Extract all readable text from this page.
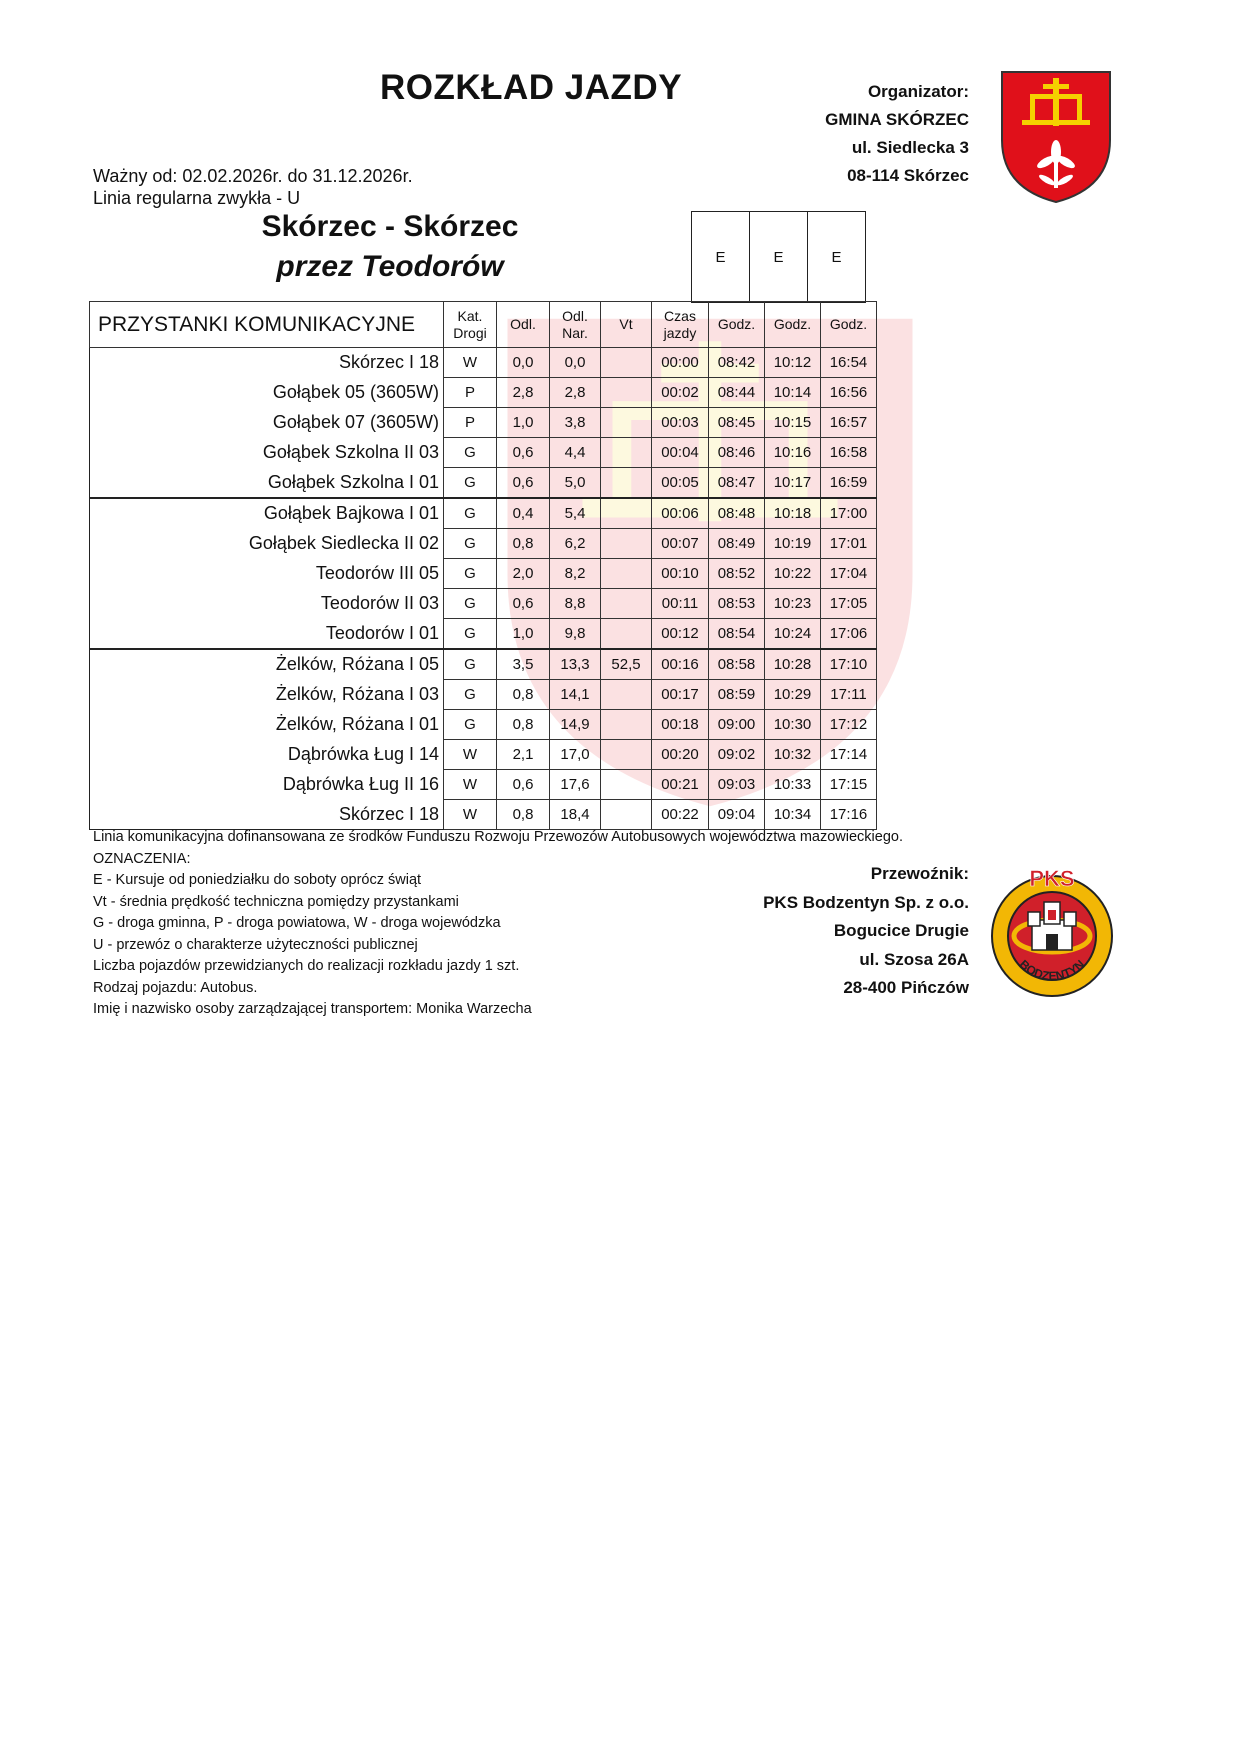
ROZKŁAD JAZDY	Organizator:
GMINA SKÓRZEC
ul. Siedlecka 3
08-114 Skórzec
Ważny od: 02.02.2026r. do 31.12.2026r.
Linia regularna zwykła - U
Skórzec - Skórzec
przez Teodorów	E	E	E
PRZYSTANKI KOMUNIKACYJNE	Kat. Drogi	Odl.	Odl. Nar.	Vt	Czas jazdy	Godz.	Godz.	Godz.
Skórzec I 18	W	0,0	0,0		00:00	08:42	10:12	16:54
Gołąbek 05 (3605W)	P	2,8	2,8		00:02	08:44	10:14	16:56
Gołąbek 07 (3605W)	P	1,0	3,8		00:03	08:45	10:15	16:57
Gołąbek Szkolna II 03	G	0,6	4,4		00:04	08:46	10:16	16:58
Gołąbek Szkolna I 01	G	0,6	5,0		00:05	08:47	10:17	16:59
Gołąbek Bajkowa I 01	G	0,4	5,4		00:06	08:48	10:18	17:00
Gołąbek Siedlecka II 02	G	0,8	6,2		00:07	08:49	10:19	17:01
Teodorów III 05	G	2,0	8,2		00:10	08:52	10:22	17:04
Teodorów II 03	G	0,6	8,8		00:11	08:53	10:23	17:05
Teodorów I 01	G	1,0	9,8		00:12	08:54	10:24	17:06
Żelków, Różana I 05	G	3,5	13,3	52,5	00:16	08:58	10:28	17:10
Żelków, Różana I 03	G	0,8	14,1		00:17	08:59	10:29	17:11
Żelków, Różana I 01	G	0,8	14,9		00:18	09:00	10:30	17:12
Dąbrówka Ług I 14	W	2,1	17,0		00:20	09:02	10:32	17:14
Dąbrówka Ług II 16	W	0,6	17,6		00:21	09:03	10:33	17:15
Skórzec I 18	W	0,8	18,4		00:22	09:04	10:34	17:16
Linia komunikacyjna dofinansowana ze środków Funduszu Rozwoju Przewozów Autobusowych województwa mazowieckiego.
OZNACZENIA:
E - Kursuje od poniedziałku do soboty oprócz świąt
Vt - średnia prędkość techniczna pomiędzy przystankami
G - droga gminna, P - droga powiatowa, W - droga wojewódzka
U - przewóz o charakterze użyteczności publicznej
Liczba pojazdów przewidzianych do realizacji rozkładu jazdy 1 szt.
Rodzaj pojazdu: Autobus.
Imię i nazwisko osoby zarządzającej transportem: Monika Warzecha
Przewoźnik:
PKS Bodzentyn Sp. z o.o.
Bogucice Drugie
ul. Szosa 26A
28-400 Pińczów
PKS
BODZENTYN
